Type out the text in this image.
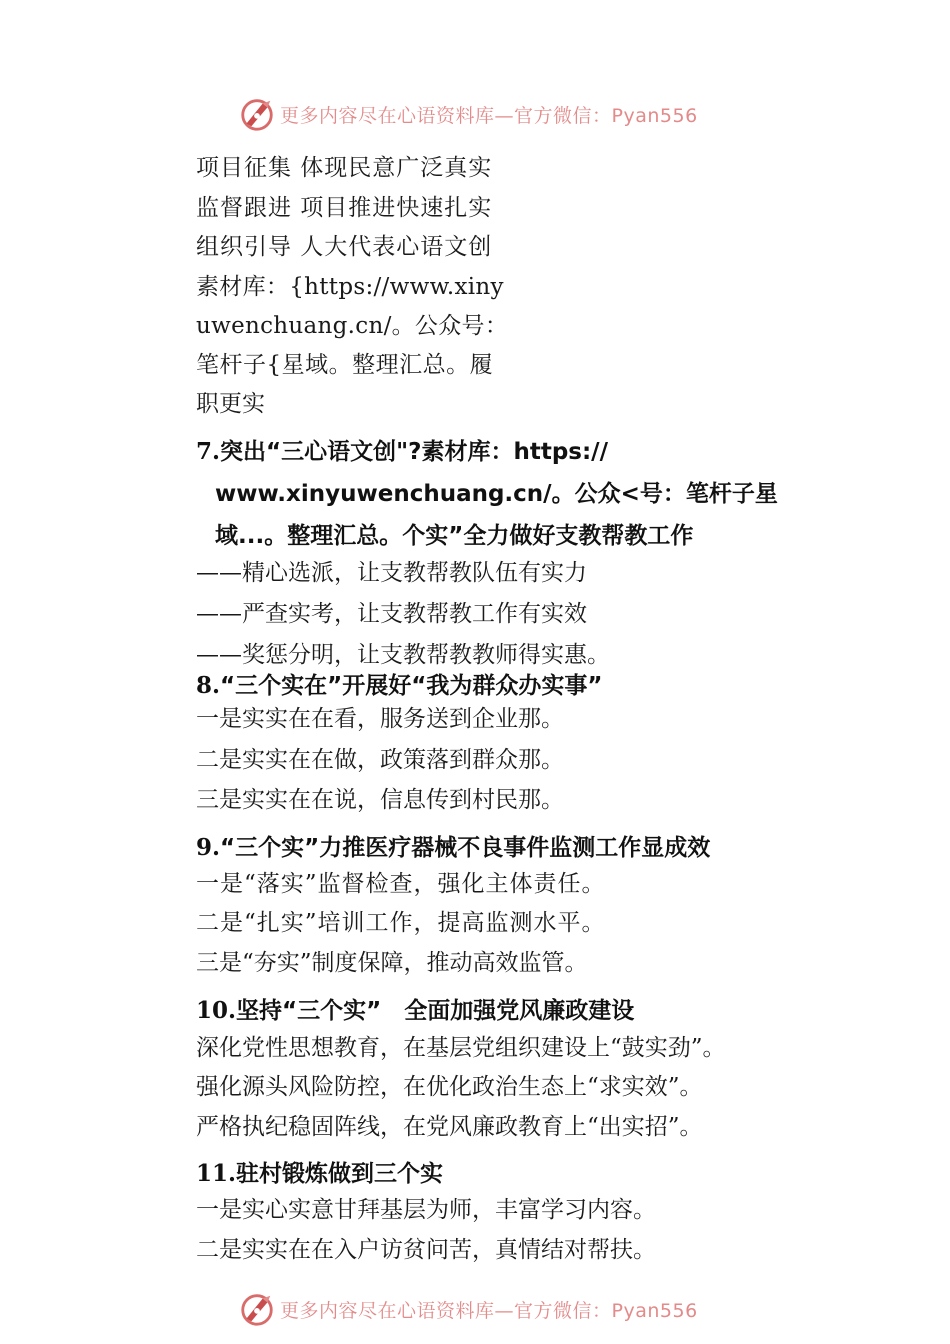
更多内容尽在心语资料库—官方微信：Pyan556
项目征集 体现民意广泛真实
监督跟进 项目推进快速扎实
组织引导 人大代表心语文创
素材库：{https://www.xiny
uwenchuang.cn/。公众号：
笔杆子{星域。整理汇总。履
职更实
7.突出“三心语文创"?素材库：https://
www.xinyuwenchuang.cn/。公众<号：笔杆子星
域...。整理汇总。个实”全力做好支教帮教工作
——精心选派，让支教帮教队伍有实力
——严查实考，让支教帮教工作有实效
——奖惩分明，让支教帮教教师得实惠。
8.“三个实在”开展好“我为群众办实事”
一是实实在在看，服务送到企业那。
二是实实在在做，政策落到群众那。
三是实实在在说，信息传到村民那。
9.“三个实”力推医疗器械不良事件监测工作显成效
一是“落实”监督检查，强化主体责任。
二是“扎实”培训工作，提高监测水平。
三是“夯实”制度保障，推动高效监管。
10.坚持“三个实”　全面加强党风廉政建设
深化党性思想教育，在基层党组织建设上“鼓实劲”。
强化源头风险防控，在优化政治生态上“求实效”。
严格执纪稳固阵线，在党风廉政教育上“出实招”。
11.驻村锻炼做到三个实
一是实心实意甘拜基层为师，丰富学习内容。
二是实实在在入户访贫问苦，真情结对帮扶。
更多内容尽在心语资料库—官方微信：Pyan556
